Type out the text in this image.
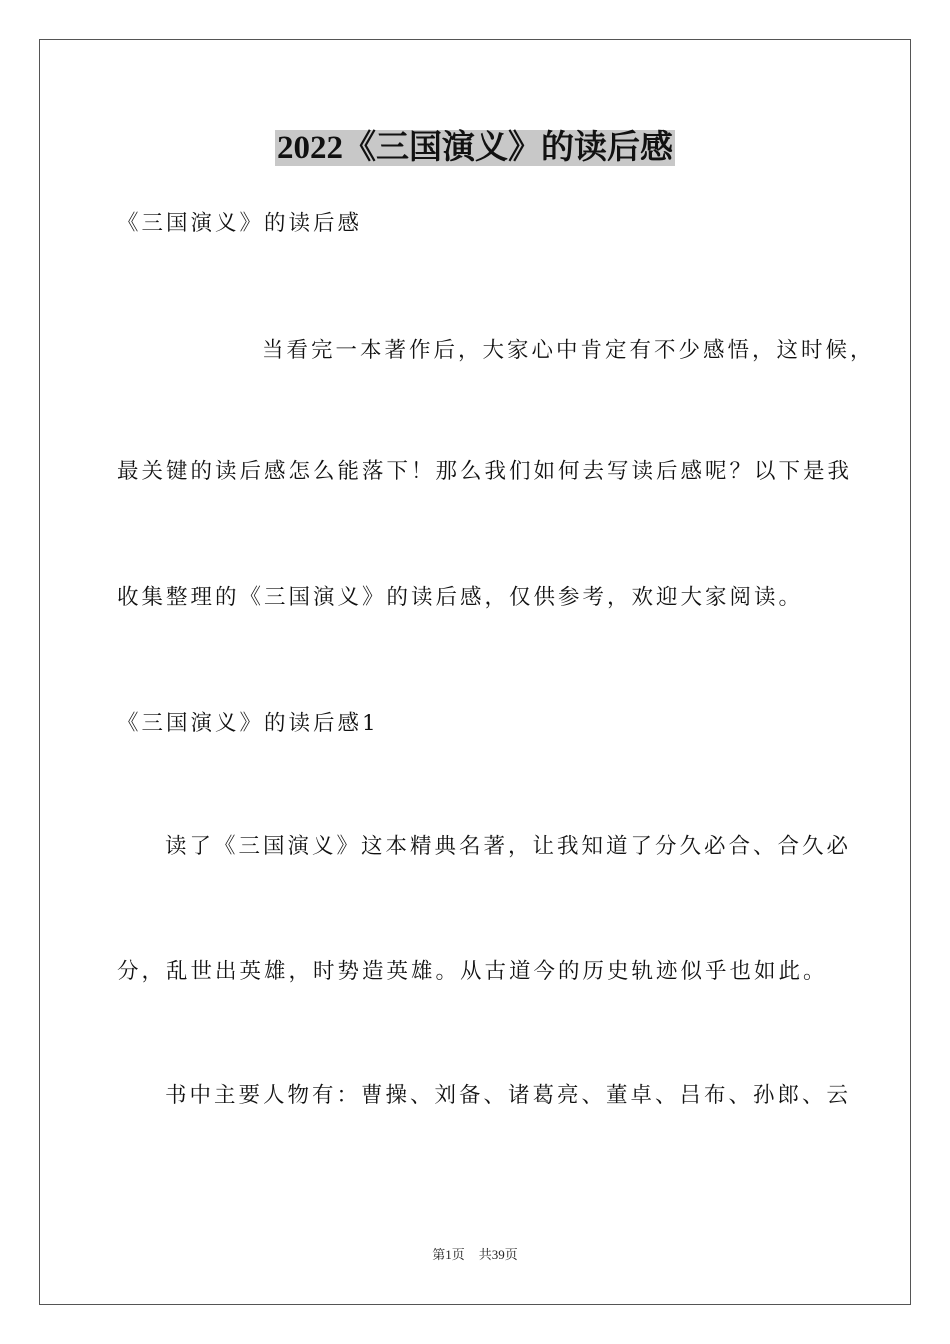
2022《三国演义》的读后感

《三国演义》的读后感

当看完一本著作后，大家心中肯定有不少感悟，这时候，

最关键的读后感怎么能落下！那么我们如何去写读后感呢？以下是我

收集整理的《三国演义》的读后感，仅供参考，欢迎大家阅读。

《三国演义》的读后感1

读了《三国演义》这本精典名著，让我知道了分久必合、合久必

分，乱世出英雄，时势造英雄。从古道今的历史轨迹似乎也如此。

书中主要人物有：曹操、刘备、诸葛亮、董卓、吕布、孙郎、云

第1页 共39页
